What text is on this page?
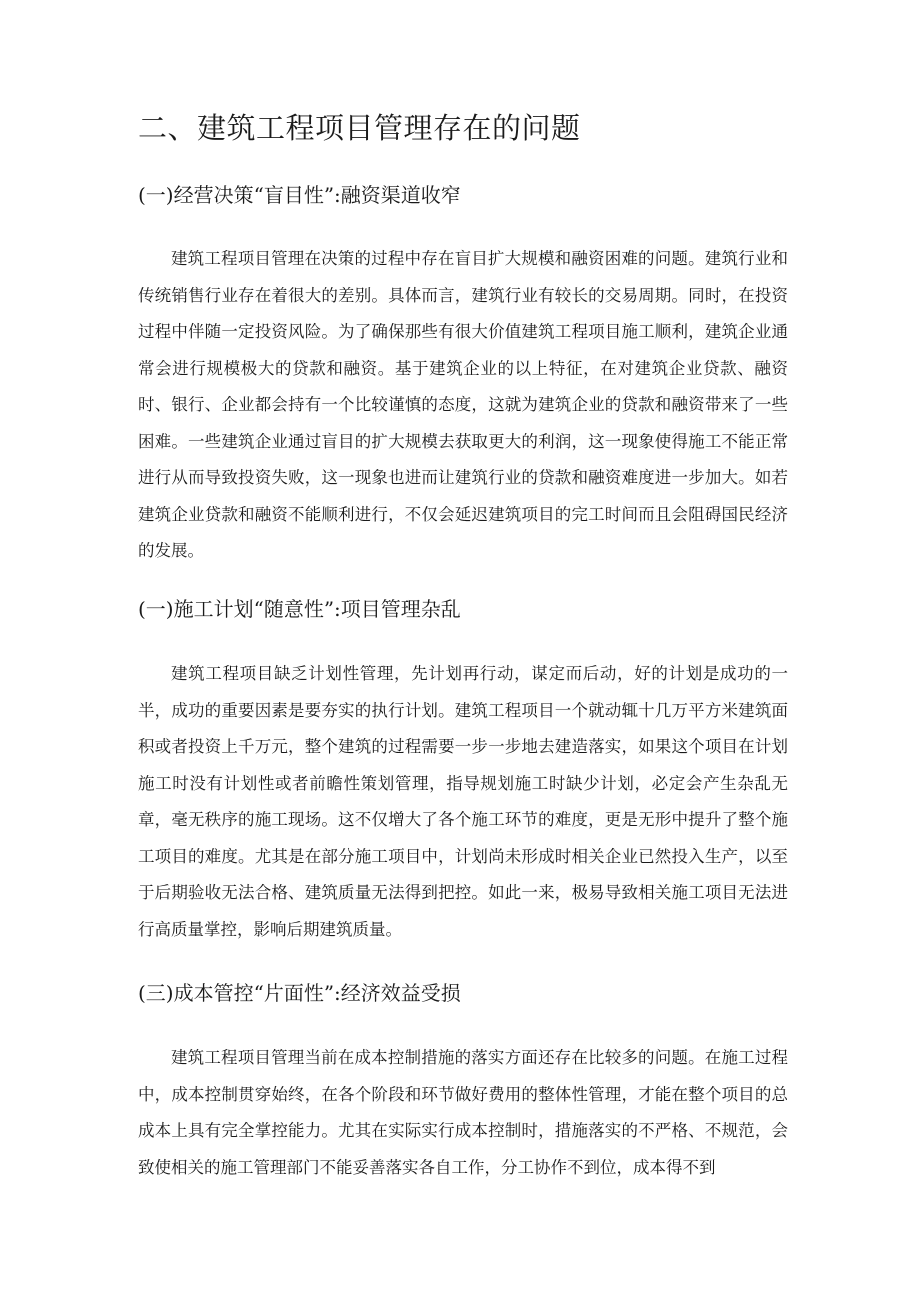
二、建筑工程项目管理存在的问题
(一)经营决策“盲目性”:融资渠道收窄

建筑工程项目管理在决策的过程中存在盲目扩大规模和融资困难的问题。建筑行业和传统销售行业存在着很大的差别。具体而言，建筑行业有较长的交易周期。同时，在投资过程中伴随一定投资风险。为了确保那些有很大价值建筑工程项目施工顺利，建筑企业通常会进行规模极大的贷款和融资。基于建筑企业的以上特征，在对建筑企业贷款、融资时、银行、企业都会持有一个比较谨慎的态度，这就为建筑企业的贷款和融资带来了一些困难。一些建筑企业通过盲目的扩大规模去获取更大的利润，这一现象使得施工不能正常进行从而导致投资失败，这一现象也进而让建筑行业的贷款和融资难度进一步加大。如若建筑企业贷款和融资不能顺利进行，不仅会延迟建筑项目的完工时间而且会阻碍国民经济的发展。

(一)施工计划“随意性”:项目管理杂乱

建筑工程项目缺乏计划性管理，先计划再行动，谋定而后动，好的计划是成功的一半，成功的重要因素是要夯实的执行计划。建筑工程项目一个就动辄十几万平方米建筑面积或者投资上千万元，整个建筑的过程需要一步一步地去建造落实，如果这个项目在计划施工时没有计划性或者前瞻性策划管理，指导规划施工时缺少计划，必定会产生杂乱无章，毫无秩序的施工现场。这不仅增大了各个施工环节的难度，更是无形中提升了整个施工项目的难度。尤其是在部分施工项目中，计划尚未形成时相关企业已然投入生产，以至于后期验收无法合格、建筑质量无法得到把控。如此一来，极易导致相关施工项目无法进行高质量掌控，影响后期建筑质量。

(三)成本管控“片面性”:经济效益受损

建筑工程项目管理当前在成本控制措施的落实方面还存在比较多的问题。在施工过程中，成本控制贯穿始终，在各个阶段和环节做好费用的整体性管理，才能在整个项目的总成本上具有完全掌控能力。尤其在实际实行成本控制时，措施落实的不严格、不规范，会致使相关的施工管理部门不能妥善落实各自工作，分工协作不到位，成本得不到
